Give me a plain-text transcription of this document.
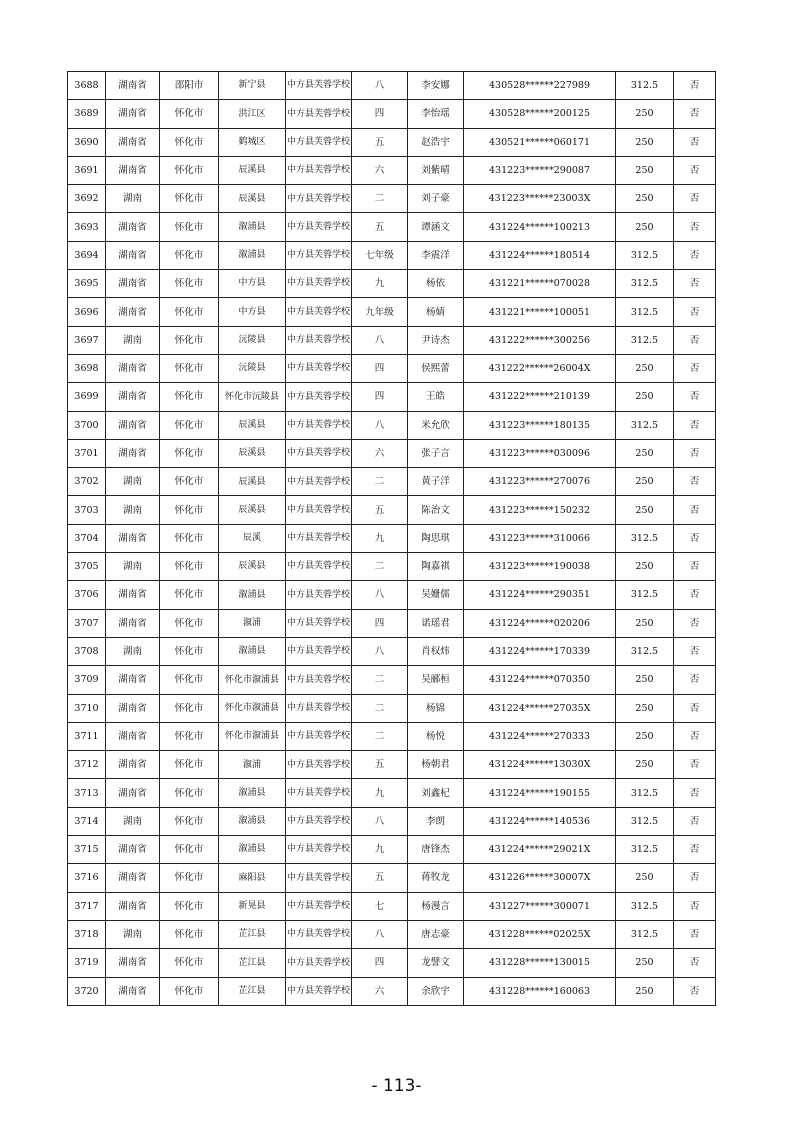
3688	湖南省	邵阳市	新宁县	中方县芙蓉学校	八	李安娜	430528******227989	312.5	否
3689	湖南省	怀化市	洪江区	中方县芙蓉学校	四	李怡瑶	430528******200125	250	否
3690	湖南省	怀化市	鹤城区	中方县芙蓉学校	五	赵浩宇	430521******060171	250	否
3691	湖南省	怀化市	辰溪县	中方县芙蓉学校	六	刘紫晴	431223******290087	250	否
3692	湖南	怀化市	辰溪县	中方县芙蓉学校	二	刘子豪	431223******23003X	250	否
3693	湖南省	怀化市	溆浦县	中方县芙蓉学校	五	谭涵文	431224******100213	250	否
3694	湖南省	怀化市	溆浦县	中方县芙蓉学校	七年级	李震洋	431224******180514	312.5	否
3695	湖南省	怀化市	中方县	中方县芙蓉学校	九	杨依	431221******070028	312.5	否
3696	湖南省	怀化市	中方县	中方县芙蓉学校	九年级	杨婧	431221******100051	312.5	否
3697	湖南	怀化市	沅陵县	中方县芙蓉学校	八	尹诗杰	431222******300256	312.5	否
3698	湖南省	怀化市	沅陵县	中方县芙蓉学校	四	侯熙蕾	431222******26004X	250	否
3699	湖南省	怀化市	怀化市沅陵县	中方县芙蓉学校	四	王皓	431222******210139	250	否
3700	湖南省	怀化市	辰溪县	中方县芙蓉学校	八	米允欣	431223******180135	312.5	否
3701	湖南省	怀化市	辰溪县	中方县芙蓉学校	六	张子言	431223******030096	250	否
3702	湖南	怀化市	辰溪县	中方县芙蓉学校	二	黄子洋	431223******270076	250	否
3703	湖南	怀化市	辰溪县	中方县芙蓉学校	五	陈治文	431223******150232	250	否
3704	湖南省	怀化市	辰溪	中方县芙蓉学校	九	陶思琪	431223******310066	312.5	否
3705	湖南	怀化市	辰溪县	中方县芙蓉学校	二	陶嘉祺	431223******190038	250	否
3706	湖南省	怀化市	溆浦县	中方县芙蓉学校	八	吴姗儒	431224******290351	312.5	否
3707	湖南省	怀化市	溆浦	中方县芙蓉学校	四	诺瑶君	431224******020206	250	否
3708	湖南	怀化市	溆浦县	中方县芙蓉学校	八	肖权炜	431224******170339	312.5	否
3709	湖南省	怀化市	怀化市溆浦县	中方县芙蓉学校	二	吴郦桓	431224******070350	250	否
3710	湖南省	怀化市	怀化市溆浦县	中方县芙蓉学校	二	杨锦	431224******27035X	250	否
3711	湖南省	怀化市	怀化市溆浦县	中方县芙蓉学校	二	杨悦	431224******270333	250	否
3712	湖南省	怀化市	溆浦	中方县芙蓉学校	五	杨朝君	431224******13030X	250	否
3713	湖南省	怀化市	溆浦县	中方县芙蓉学校	九	刘鑫杞	431224******190155	312.5	否
3714	湖南	怀化市	溆浦县	中方县芙蓉学校	八	李朗	431224******140536	312.5	否
3715	湖南省	怀化市	溆浦县	中方县芙蓉学校	九	唐锋杰	431224******29021X	312.5	否
3716	湖南省	怀化市	麻阳县	中方县芙蓉学校	五	蒋牧龙	431226******30007X	250	否
3717	湖南省	怀化市	新晃县	中方县芙蓉学校	七	杨漫言	431227******300071	312.5	否
3718	湖南	怀化市	芷江县	中方县芙蓉学校	八	唐志豪	431228******02025X	312.5	否
3719	湖南省	怀化市	芷江县	中方县芙蓉学校	四	龙譬文	431228******130015	250	否
3720	湖南省	怀化市	芷江县	中方县芙蓉学校	六	余欣宇	431228******160063	250	否
- 113-
